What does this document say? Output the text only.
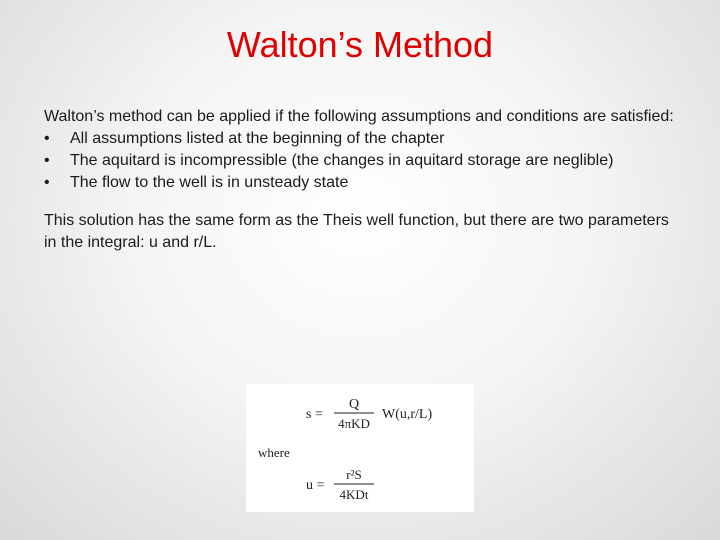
Walton’s Method

Walton’s method can be applied if the following assumptions and conditions are satisfied:

• All assumptions listed at the beginning of the chapter
• The aquitard is incompressible (the changes in aquitard storage are neglible)
• The flow to the well is in unsteady state

This solution has the same form as the Theis well function, but there are two parameters in the integral: u and r/L.

s =
Q
4πKD
W(u,r/L)
where
u =
r²S
4KDt
